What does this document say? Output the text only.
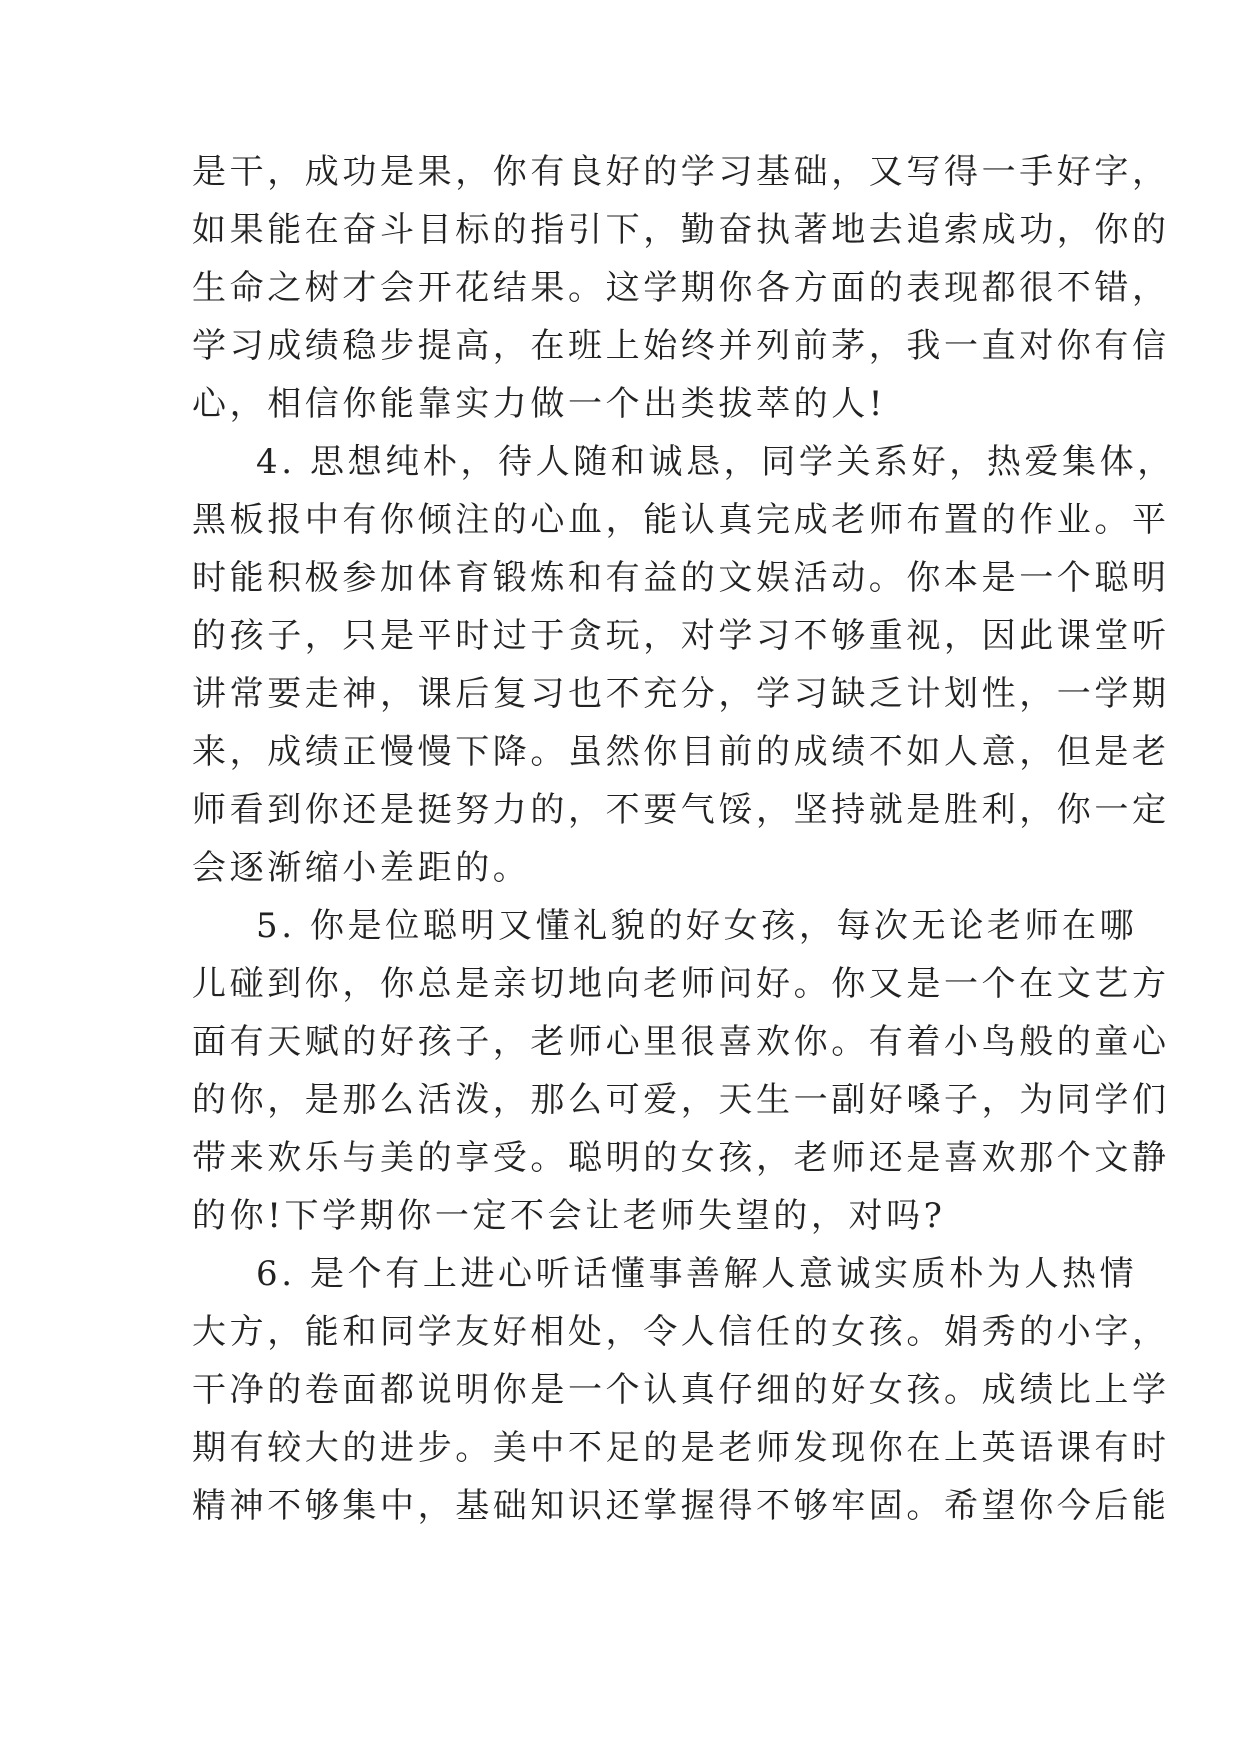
是干，成功是果，你有良好的学习基础，又写得一手好字，
如果能在奋斗目标的指引下，勤奋执著地去追索成功，你的
生命之树才会开花结果。这学期你各方面的表现都很不错，
学习成绩稳步提高，在班上始终并列前茅，我一直对你有信
心，相信你能靠实力做一个出类拔萃的人!
4. 思想纯朴，待人随和诚恳，同学关系好，热爱集体，
黑板报中有你倾注的心血，能认真完成老师布置的作业。平
时能积极参加体育锻炼和有益的文娱活动。你本是一个聪明
的孩子，只是平时过于贪玩，对学习不够重视，因此课堂听
讲常要走神，课后复习也不充分，学习缺乏计划性，一学期
来，成绩正慢慢下降。虽然你目前的成绩不如人意，但是老
师看到你还是挺努力的，不要气馁，坚持就是胜利，你一定
会逐渐缩小差距的。
5. 你是位聪明又懂礼貌的好女孩，每次无论老师在哪
儿碰到你，你总是亲切地向老师问好。你又是一个在文艺方
面有天赋的好孩子，老师心里很喜欢你。有着小鸟般的童心
的你，是那么活泼，那么可爱，天生一副好嗓子，为同学们
带来欢乐与美的享受。聪明的女孩，老师还是喜欢那个文静
的你!下学期你一定不会让老师失望的，对吗?
6. 是个有上进心听话懂事善解人意诚实质朴为人热情
大方，能和同学友好相处，令人信任的女孩。娟秀的小字，
干净的卷面都说明你是一个认真仔细的好女孩。成绩比上学
期有较大的进步。美中不足的是老师发现你在上英语课有时
精神不够集中，基础知识还掌握得不够牢固。希望你今后能
